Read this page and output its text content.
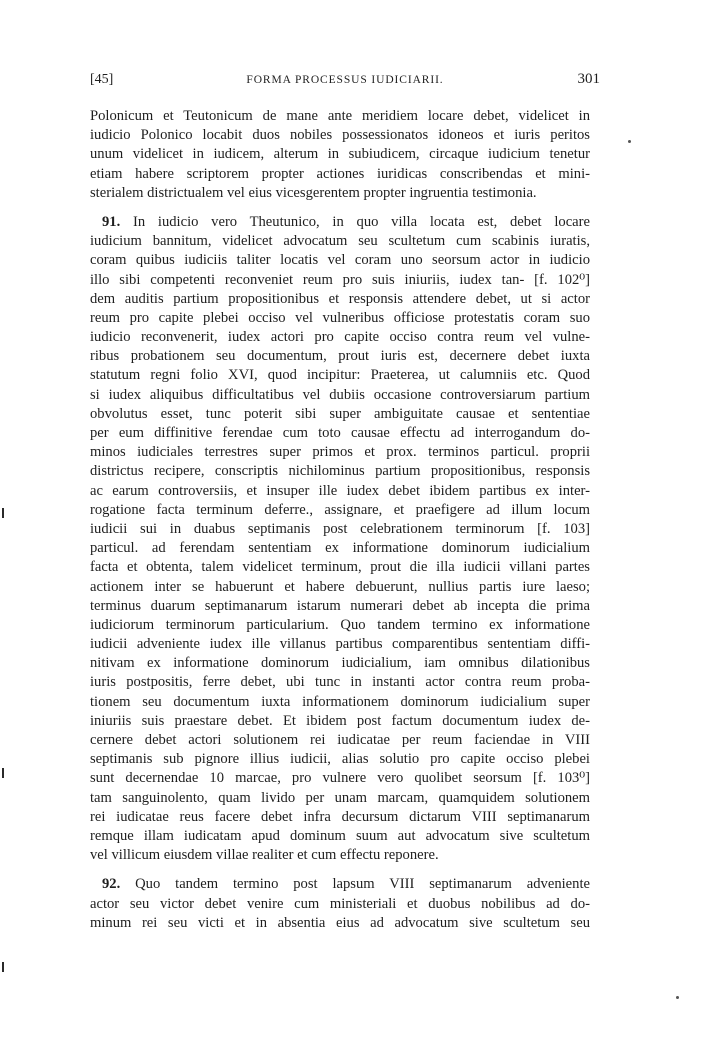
[45]	FORMA PROCESSUS IUDICIARII.	301
Polonicum et Teutonicum de mane ante meridiem locare debet, videlicet in
iudicio Polonico locabit duos nobiles possessionatos idoneos et iuris peritos
unum videlicet in iudicem, alterum in subiudicem, circaque iudicium tenetur
etiam habere scriptorem propter actiones iuridicas conscribendas et mini-
sterialem districtualem vel eius vicesgerentem propter ingruentia testimonia.
91. In iudicio vero Theutunico, in quo villa locata est, debet locare
iudicium bannitum, videlicet advocatum seu scultetum cum scabinis iuratis,
coram quibus iudiciis taliter locatis vel coram uno seorsum actor in iudicio
illo sibi competenti reconveniet reum pro suis iniuriis, iudex tan- [f. 102⁰]
dem auditis partium propositionibus et responsis attendere debet, ut si actor
reum pro capite plebei occiso vel vulneribus officiose protestatis coram suo
iudicio reconvenerit, iudex actori pro capite occiso contra reum vel vulne-
ribus probationem seu documentum, prout iuris est, decernere debet iuxta
statutum regni folio XVI, quod incipitur: Praeterea, ut calumniis etc. Quod
si iudex aliquibus difficultatibus vel dubiis occasione controversiarum partium
obvolutus esset, tunc poterit sibi super ambiguitate causae et sententiae
per eum diffinitive ferendae cum toto causae effectu ad interrogandum do-
minos iudiciales terrestres super primos et prox. terminos particul. proprii
districtus recipere, conscriptis nichilominus partium propositionibus, responsis
ac earum controversiis, et insuper ille iudex debet ibidem partibus ex inter-
rogatione facta terminum deferre., assignare, et praefigere ad illum locum
iudicii sui in duabus septimanis post celebrationem terminorum [f. 103]
particul. ad ferendam sententiam ex informatione dominorum iudicialium
facta et obtenta, talem videlicet terminum, prout die illa iudicii villani partes
actionem inter se habuerunt et habere debuerunt, nullius partis iure laeso;
terminus duarum septimanarum istarum numerari debet ab incepta die prima
iudiciorum terminorum particularium. Quo tandem termino ex informatione
iudicii adveniente iudex ille villanus partibus comparentibus sententiam diffi-
nitivam ex informatione dominorum iudicialium, iam omnibus dilationibus
iuris postpositis, ferre debet, ubi tunc in instanti actor contra reum proba-
tionem seu documentum iuxta informationem dominorum iudicialium super
iniuriis suis praestare debet. Et ibidem post factum documentum iudex de-
cernere debet actori solutionem rei iudicatae per reum faciendae in VIII
septimanis sub pignore illius iudicii, alias solutio pro capite occiso plebei
sunt decernendae 10 marcae, pro vulnere vero quolibet seorsum [f. 103⁰]
tam sanguinolento, quam livido per unam marcam, quamquidem solutionem
rei iudicatae reus facere debet infra decursum dictarum VIII septimanarum
remque illam iudicatam apud dominum suum aut advocatum sive scultetum
vel villicum eiusdem villae realiter et cum effectu reponere.
92. Quo tandem termino post lapsum VIII septimanarum adveniente
actor seu victor debet venire cum ministeriali et duobus nobilibus ad do-
minum rei seu victi et in absentia eius ad advocatum sive scultetum seu
